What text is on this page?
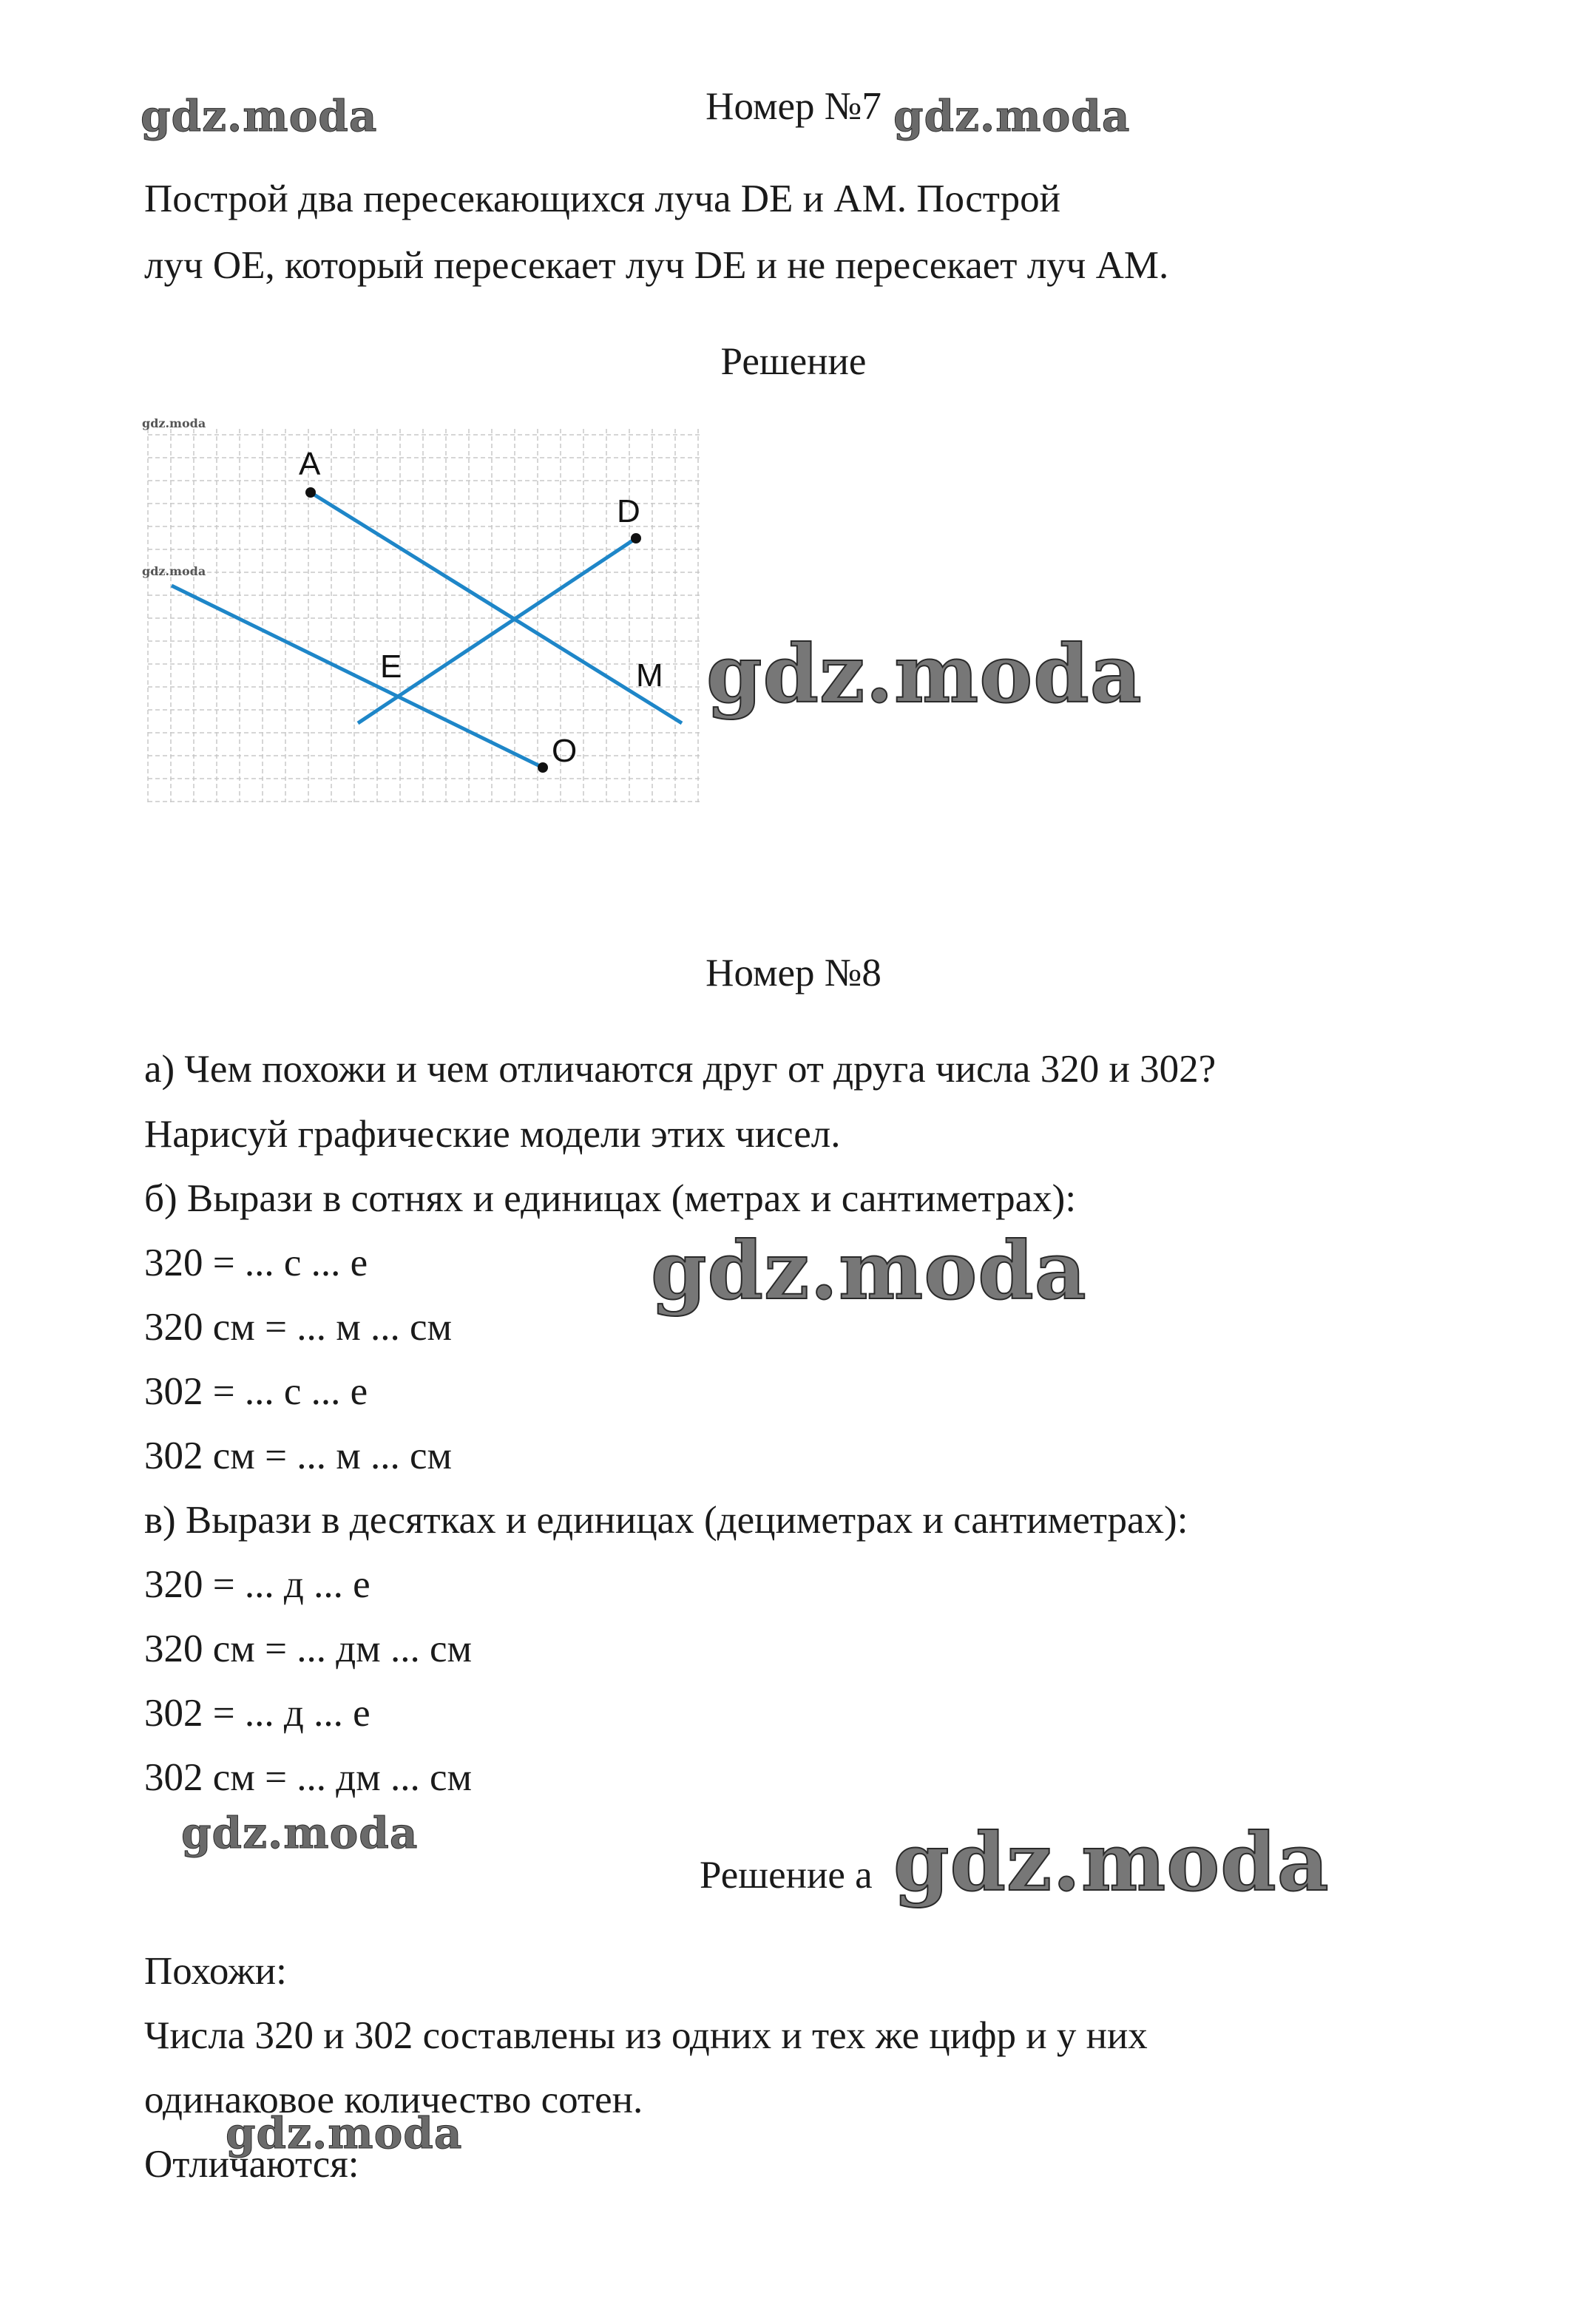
Номер №7
Построй два пересекающихся луча DE и АМ. Построй
луч ОЕ, который пересекает луч DE и не пересекает луч АМ.
Решение
gdz.moda
gdz.moda
A
D
E	M
O
Номер №8
а) Чем похожи и чем отличаются друг от друга числа 320 и 302?
Нарисуй графические модели этих чисел.
б) Вырази в сотнях и единицах (метрах и сантиметрах):
320 = ... с ... е
320 см = ... м ... см
302 = ... с ... е
302 см = ... м ... см
в) Вырази в десятках и единицах (дециметрах и сантиметрах):
320 = ... д ... е
320 см = ... дм ... см
302 = ... д ... е
302 см = ... дм ... см
Решение а
Похожи:
Числа 320 и 302 составлены из одних и тех же цифр и у них
одинаковое количество сотен.
Отличаются:
gdz.moda	gdz.moda
gdz.moda
gdz.moda
gdz.moda	gdz.moda
gdz.moda
